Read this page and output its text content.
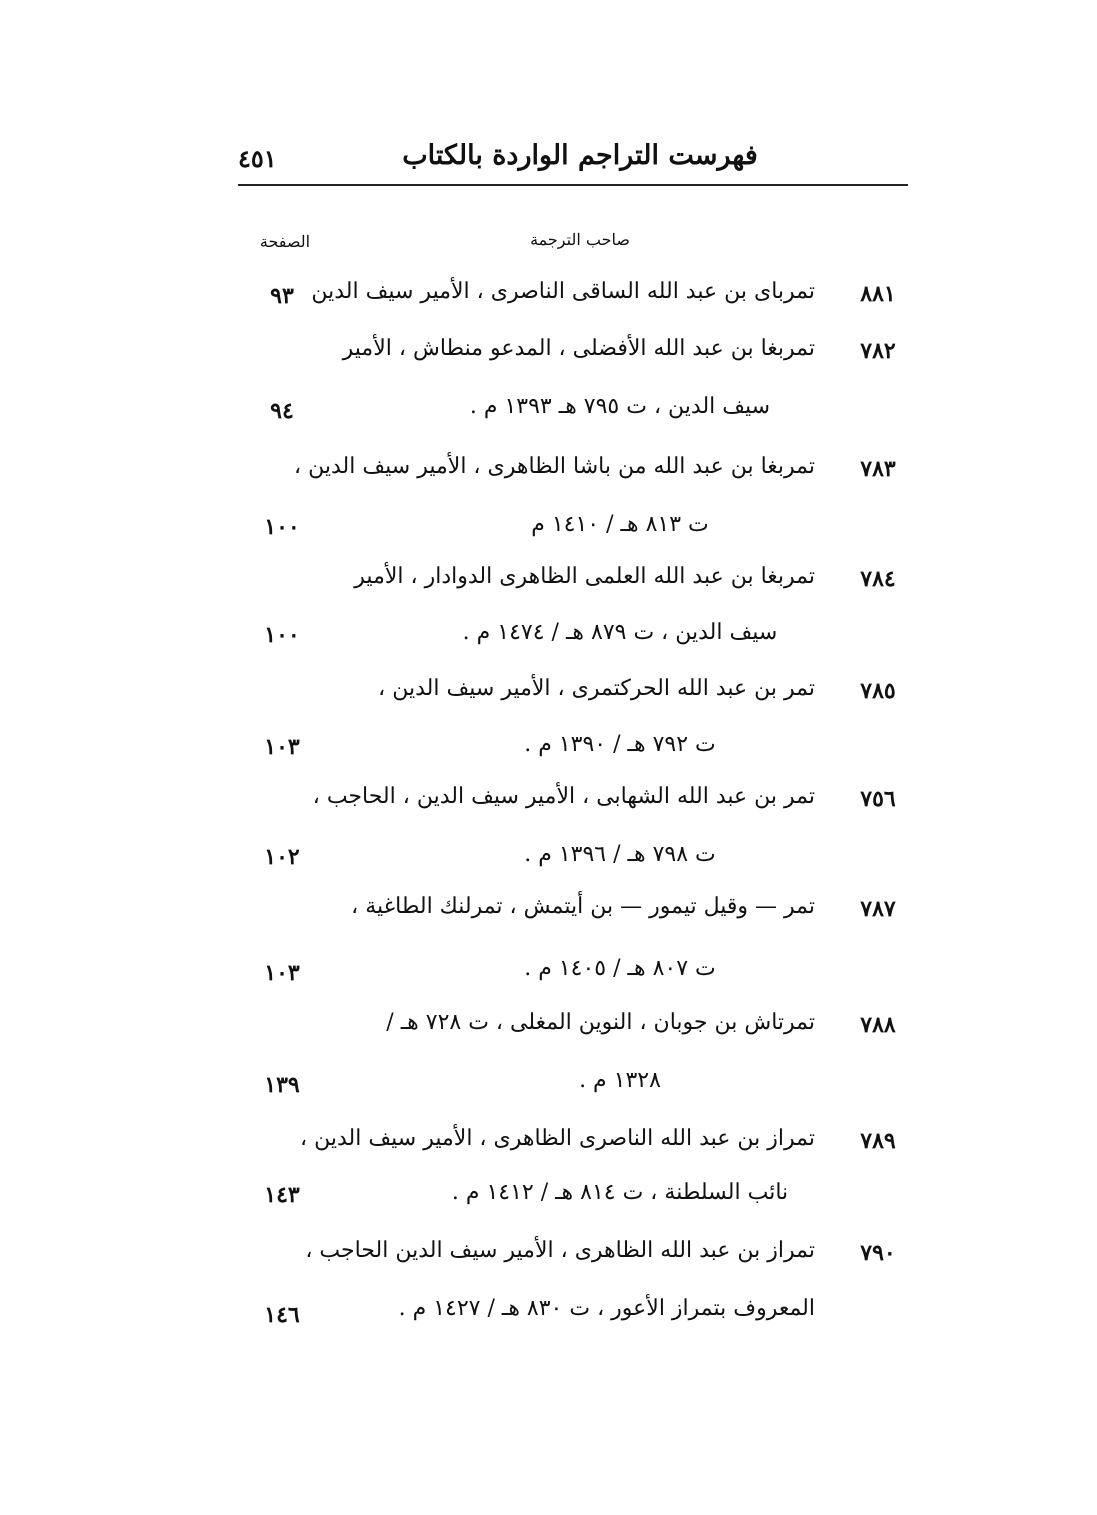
فهرست التراجم الواردة بالكتاب
٤٥١
صاحب الترجمة
الصفحة
٨٨١
تمرباى بن عبد الله الساقى الناصرى ، الأمير سيف الدين
٩٣
٧٨٢
تمربغا بن عبد الله الأفضلى ، المدعو منطاش ، الأمير
سيف الدين ، ت ٧٩٥ هـ ١٣٩٣ م .
٩٤
٧٨٣
تمربغا بن عبد الله من باشا الظاهرى ، الأمير سيف الدين ،
ت ٨١٣ هـ / ١٤١٠ م
١٠٠
٧٨٤
تمربغا بن عبد الله العلمى الظاهرى الدوادار ، الأمير
سيف الدين ، ت ٨٧٩ هـ / ١٤٧٤ م .
١٠٠
٧٨٥
تمر بن عبد الله الحركتمرى ، الأمير سيف الدين ،
ت ٧٩٢ هـ / ١٣٩٠ م .
١٠٣
٧٥٦
تمر بن عبد الله الشهابى ، الأمير سيف الدين ، الحاجب ،
ت ٧٩٨ هـ / ١٣٩٦ م .
١٠٢
٧٨٧
تمر — وقيل تيمور — بن أيتمش ، تمرلنك الطاغية ،
ت ٨٠٧ هـ / ١٤٠٥ م .
١٠٣
٧٨٨
تمرتاش بن جوبان ، النوين المغلى ، ت ٧٢٨ هـ /
١٣٢٨ م .
١٣٩
٧٨٩
تمراز بن عبد الله الناصرى الظاهرى ، الأمير سيف الدين ،
نائب السلطنة ، ت ٨١٤ هـ / ١٤١٢ م .
١٤٣
٧٩٠
تمراز بن عبد الله الظاهرى ، الأمير سيف الدين الحاجب ،
المعروف بتمراز الأعور ، ت ٨٣٠ هـ / ١٤٢٧ م .
١٤٦
